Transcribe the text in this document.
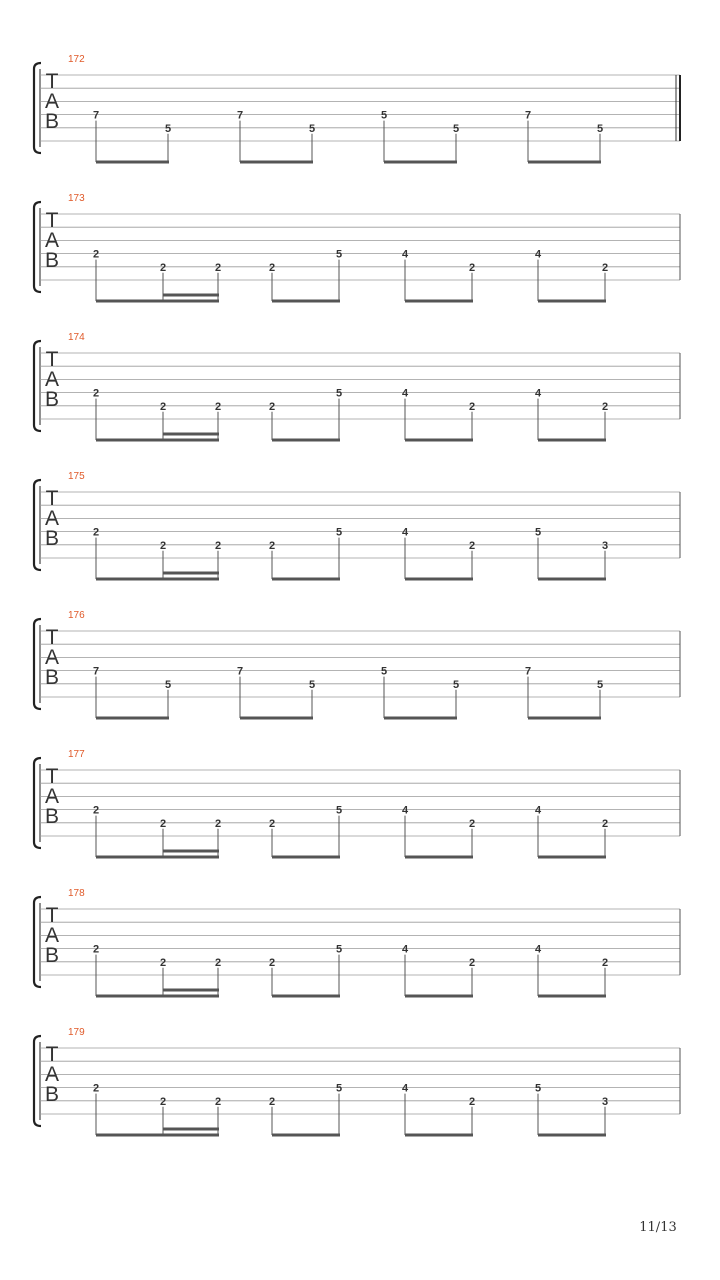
172
T
A
B	7
5
7
5
5
5
7
5
173
T
A
B	2
2	2	2
5	4
2
4
2
174
T
A
B	2
2	2	2
5	4
2
4
2
175
T
A
B	2
2	2	2
5	4
2
5
3
176
T
A
B	7
5
7
5
5
5
7
5
177
T
A
B	2
2	2	2
5	4
2
4
2
178
T
A
B	2
2	2	2
5	4
2
4
2
179
T
A
B	2
2	2	2
5	4
2
5
3
11/13
